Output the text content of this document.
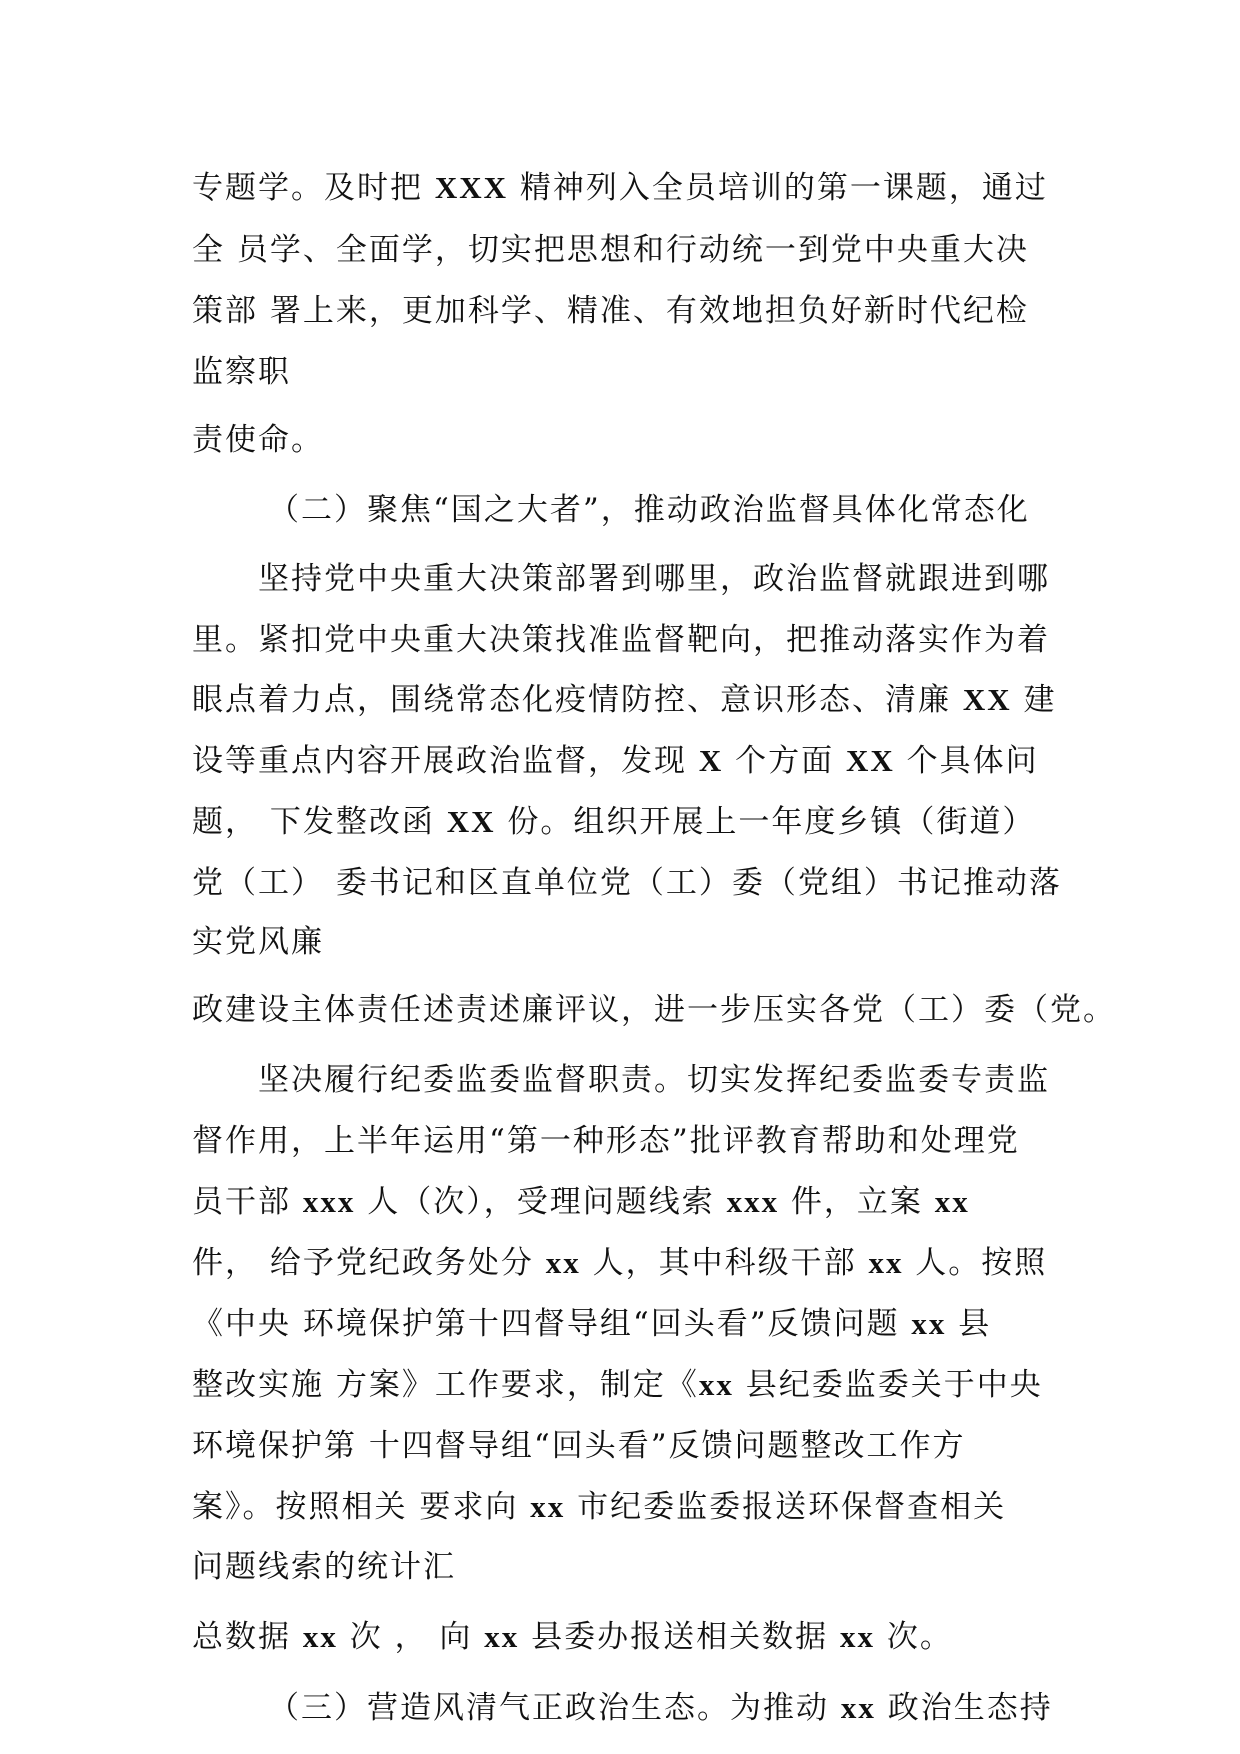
专题学。及时把 XXX 精神列入全员培训的第一课题，通过
全 员学、全面学，切实把思想和行动统一到党中央重大决
策部 署上来，更加科学、精准、有效地担负好新时代纪检
监察职
责使命。
（二）聚焦“国之大者”，推动政治监督具体化常态化
坚持党中央重大决策部署到哪里，政治监督就跟进到哪
里。紧扣党中央重大决策找准监督靶向，把推动落实作为着
眼点着力点，围绕常态化疫情防控、意识形态、清廉 XX 建
设等重点内容开展政治监督，发现 X 个方面 XX 个具体问
题， 下发整改函 XX 份。组织开展上一年度乡镇（街道）
党（工） 委书记和区直单位党（工）委（党组）书记推动落
实党风廉
政建设主体责任述责述廉评议，进一步压实各党（工）委（党。
坚决履行纪委监委监督职责。切实发挥纪委监委专责监
督作用，上半年运用“第一种形态”批评教育帮助和处理党
员干部 xxx 人（次），受理问题线索 xxx 件，立案 xx
件， 给予党纪政务处分 xx 人，其中科级干部 xx 人。按照
《中央 环境保护第十四督导组“回头看”反馈问题 xx 县
整改实施 方案》工作要求，制定《xx 县纪委监委关于中央
环境保护第 十四督导组“回头看”反馈问题整改工作方
案》。按照相关 要求向 xx 市纪委监委报送环保督查相关
问题线索的统计汇
总数据 xx 次 ， 向 xx 县委办报送相关数据 xx 次。
（三）营造风清气正政治生态。为推动 xx 政治生态持
